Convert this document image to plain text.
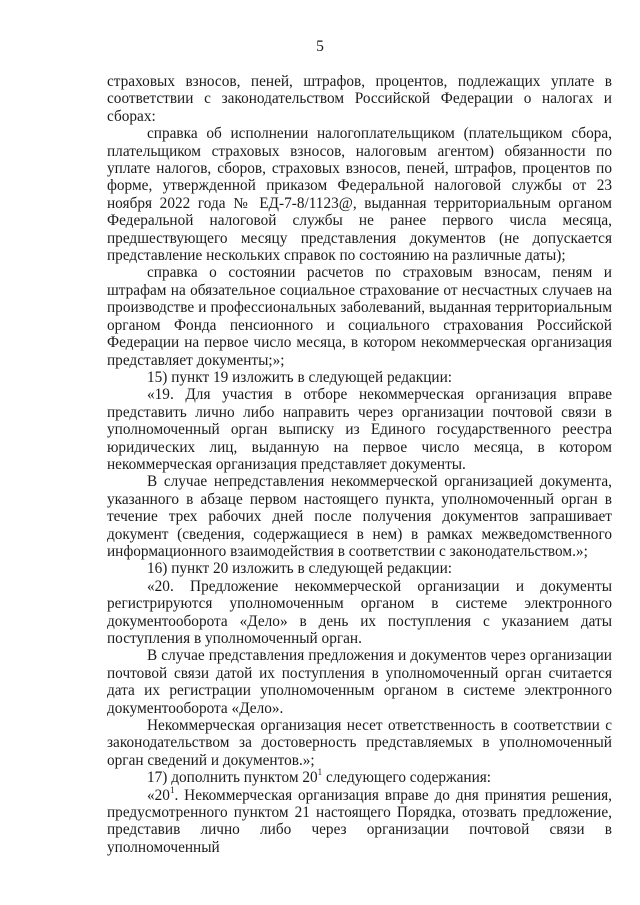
5

страховых взносов, пеней, штрафов, процентов, подлежащих уплате в соответствии с законодательством Российской Федерации о налогах и сборах:

справка об исполнении налогоплательщиком (плательщиком сбора, плательщиком страховых взносов, налоговым агентом) обязанности по уплате налогов, сборов, страховых взносов, пеней, штрафов, процентов по форме, утвержденной приказом Федеральной налоговой службы от 23 ноября 2022 года № ЕД-7-8/1123@, выданная территориальным органом Федеральной налоговой службы не ранее первого числа месяца, предшествующего месяцу представления документов (не допускается представление нескольких справок по состоянию на различные даты);

справка о состоянии расчетов по страховым взносам, пеням и штрафам на обязательное социальное страхование от несчастных случаев на производстве и профессиональных заболеваний, выданная территориальным органом Фонда пенсионного и социального страхования Российской Федерации на первое число месяца, в котором некоммерческая организация представляет документы;»;

15) пункт 19 изложить в следующей редакции:

«19. Для участия в отборе некоммерческая организация вправе представить лично либо направить через организации почтовой связи в уполномоченный орган выписку из Единого государственного реестра юридических лиц, выданную на первое число месяца, в котором некоммерческая организация представляет документы.

В случае непредставления некоммерческой организацией документа, указанного в абзаце первом настоящего пункта, уполномоченный орган в течение трех рабочих дней после получения документов запрашивает документ (сведения, содержащиеся в нем) в рамках межведомственного информационного взаимодействия в соответствии с законодательством.»;

16) пункт 20 изложить в следующей редакции:

«20. Предложение некоммерческой организации и документы регистрируются уполномоченным органом в системе электронного документооборота «Дело» в день их поступления с указанием даты поступления в уполномоченный орган.

В случае представления предложения и документов через организации почтовой связи датой их поступления в уполномоченный орган считается дата их регистрации уполномоченным органом в системе электронного документооборота «Дело».

Некоммерческая организация несет ответственность в соответствии с законодательством за достоверность представляемых в уполномоченный орган сведений и документов.»;

17) дополнить пунктом $20^1$ следующего содержания:

«$20^1$. Некоммерческая организация вправе до дня принятия решения, предусмотренного пунктом 21 настоящего Порядка, отозвать предложение, представив лично либо через организации почтовой связи в уполномоченный
